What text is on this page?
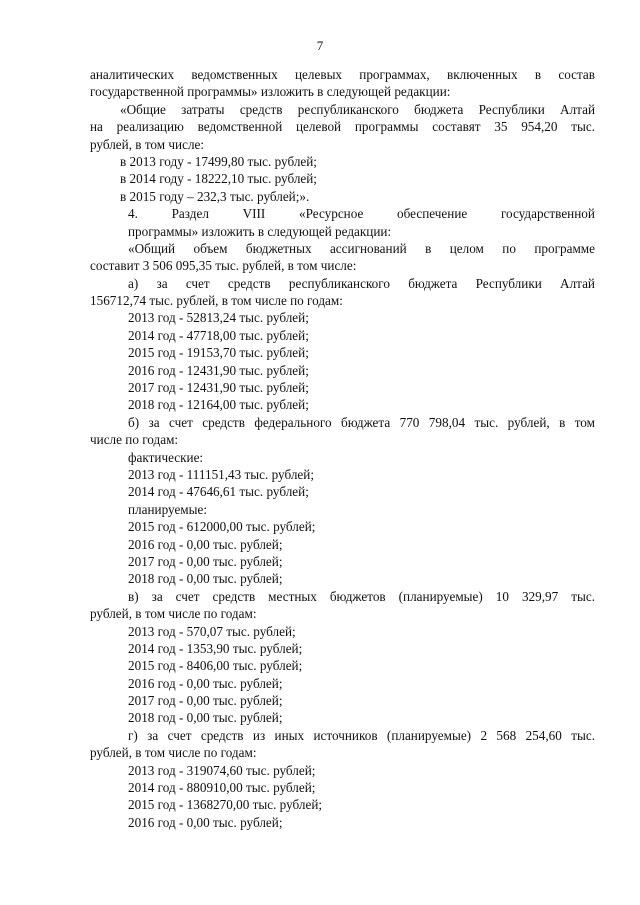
7
аналитических ведомственных целевых программах, включенных в состав
государственной программы» изложить в следующей редакции:
«Общие затраты средств республиканского бюджета Республики Алтай
на реализацию ведомственной целевой программы составят 35 954,20 тыс.
рублей, в том числе:
в 2013 году - 17499,80 тыс. рублей;
в 2014 году - 18222,10 тыс. рублей;
в 2015 году – 232,3 тыс. рублей;».
4.	Раздел	VIII	«Ресурсное	обеспечение	государственной
программы» изложить в следующей редакции:
«Общий объем бюджетных ассигнований в целом по программе
составит 3 506 095,35 тыс. рублей, в том числе:
а) за счет средств республиканского бюджета Республики Алтай
156712,74 тыс. рублей, в том числе по годам:
2013 год - 52813,24 тыс. рублей;
2014 год - 47718,00 тыс. рублей;
2015 год - 19153,70 тыс. рублей;
2016 год - 12431,90 тыс. рублей;
2017 год - 12431,90 тыс. рублей;
2018 год - 12164,00 тыс. рублей;
б) за счет средств федерального бюджета 770 798,04 тыс. рублей, в том
числе по годам:
фактические:
2013 год - 111151,43 тыс. рублей;
2014 год - 47646,61 тыс. рублей;
планируемые:
2015 год - 612000,00 тыс. рублей;
2016 год - 0,00 тыс. рублей;
2017 год - 0,00 тыс. рублей;
2018 год - 0,00 тыс. рублей;
в) за счет средств местных бюджетов (планируемые) 10 329,97 тыс.
рублей, в том числе по годам:
2013 год - 570,07 тыс. рублей;
2014 год - 1353,90 тыс. рублей;
2015 год - 8406,00 тыс. рублей;
2016 год - 0,00 тыс. рублей;
2017 год - 0,00 тыс. рублей;
2018 год - 0,00 тыс. рублей;
г) за счет средств из иных источников (планируемые) 2 568 254,60 тыс.
рублей, в том числе по годам:
2013 год - 319074,60 тыс. рублей;
2014 год - 880910,00 тыс. рублей;
2015 год - 1368270,00 тыс. рублей;
2016 год - 0,00 тыс. рублей;
